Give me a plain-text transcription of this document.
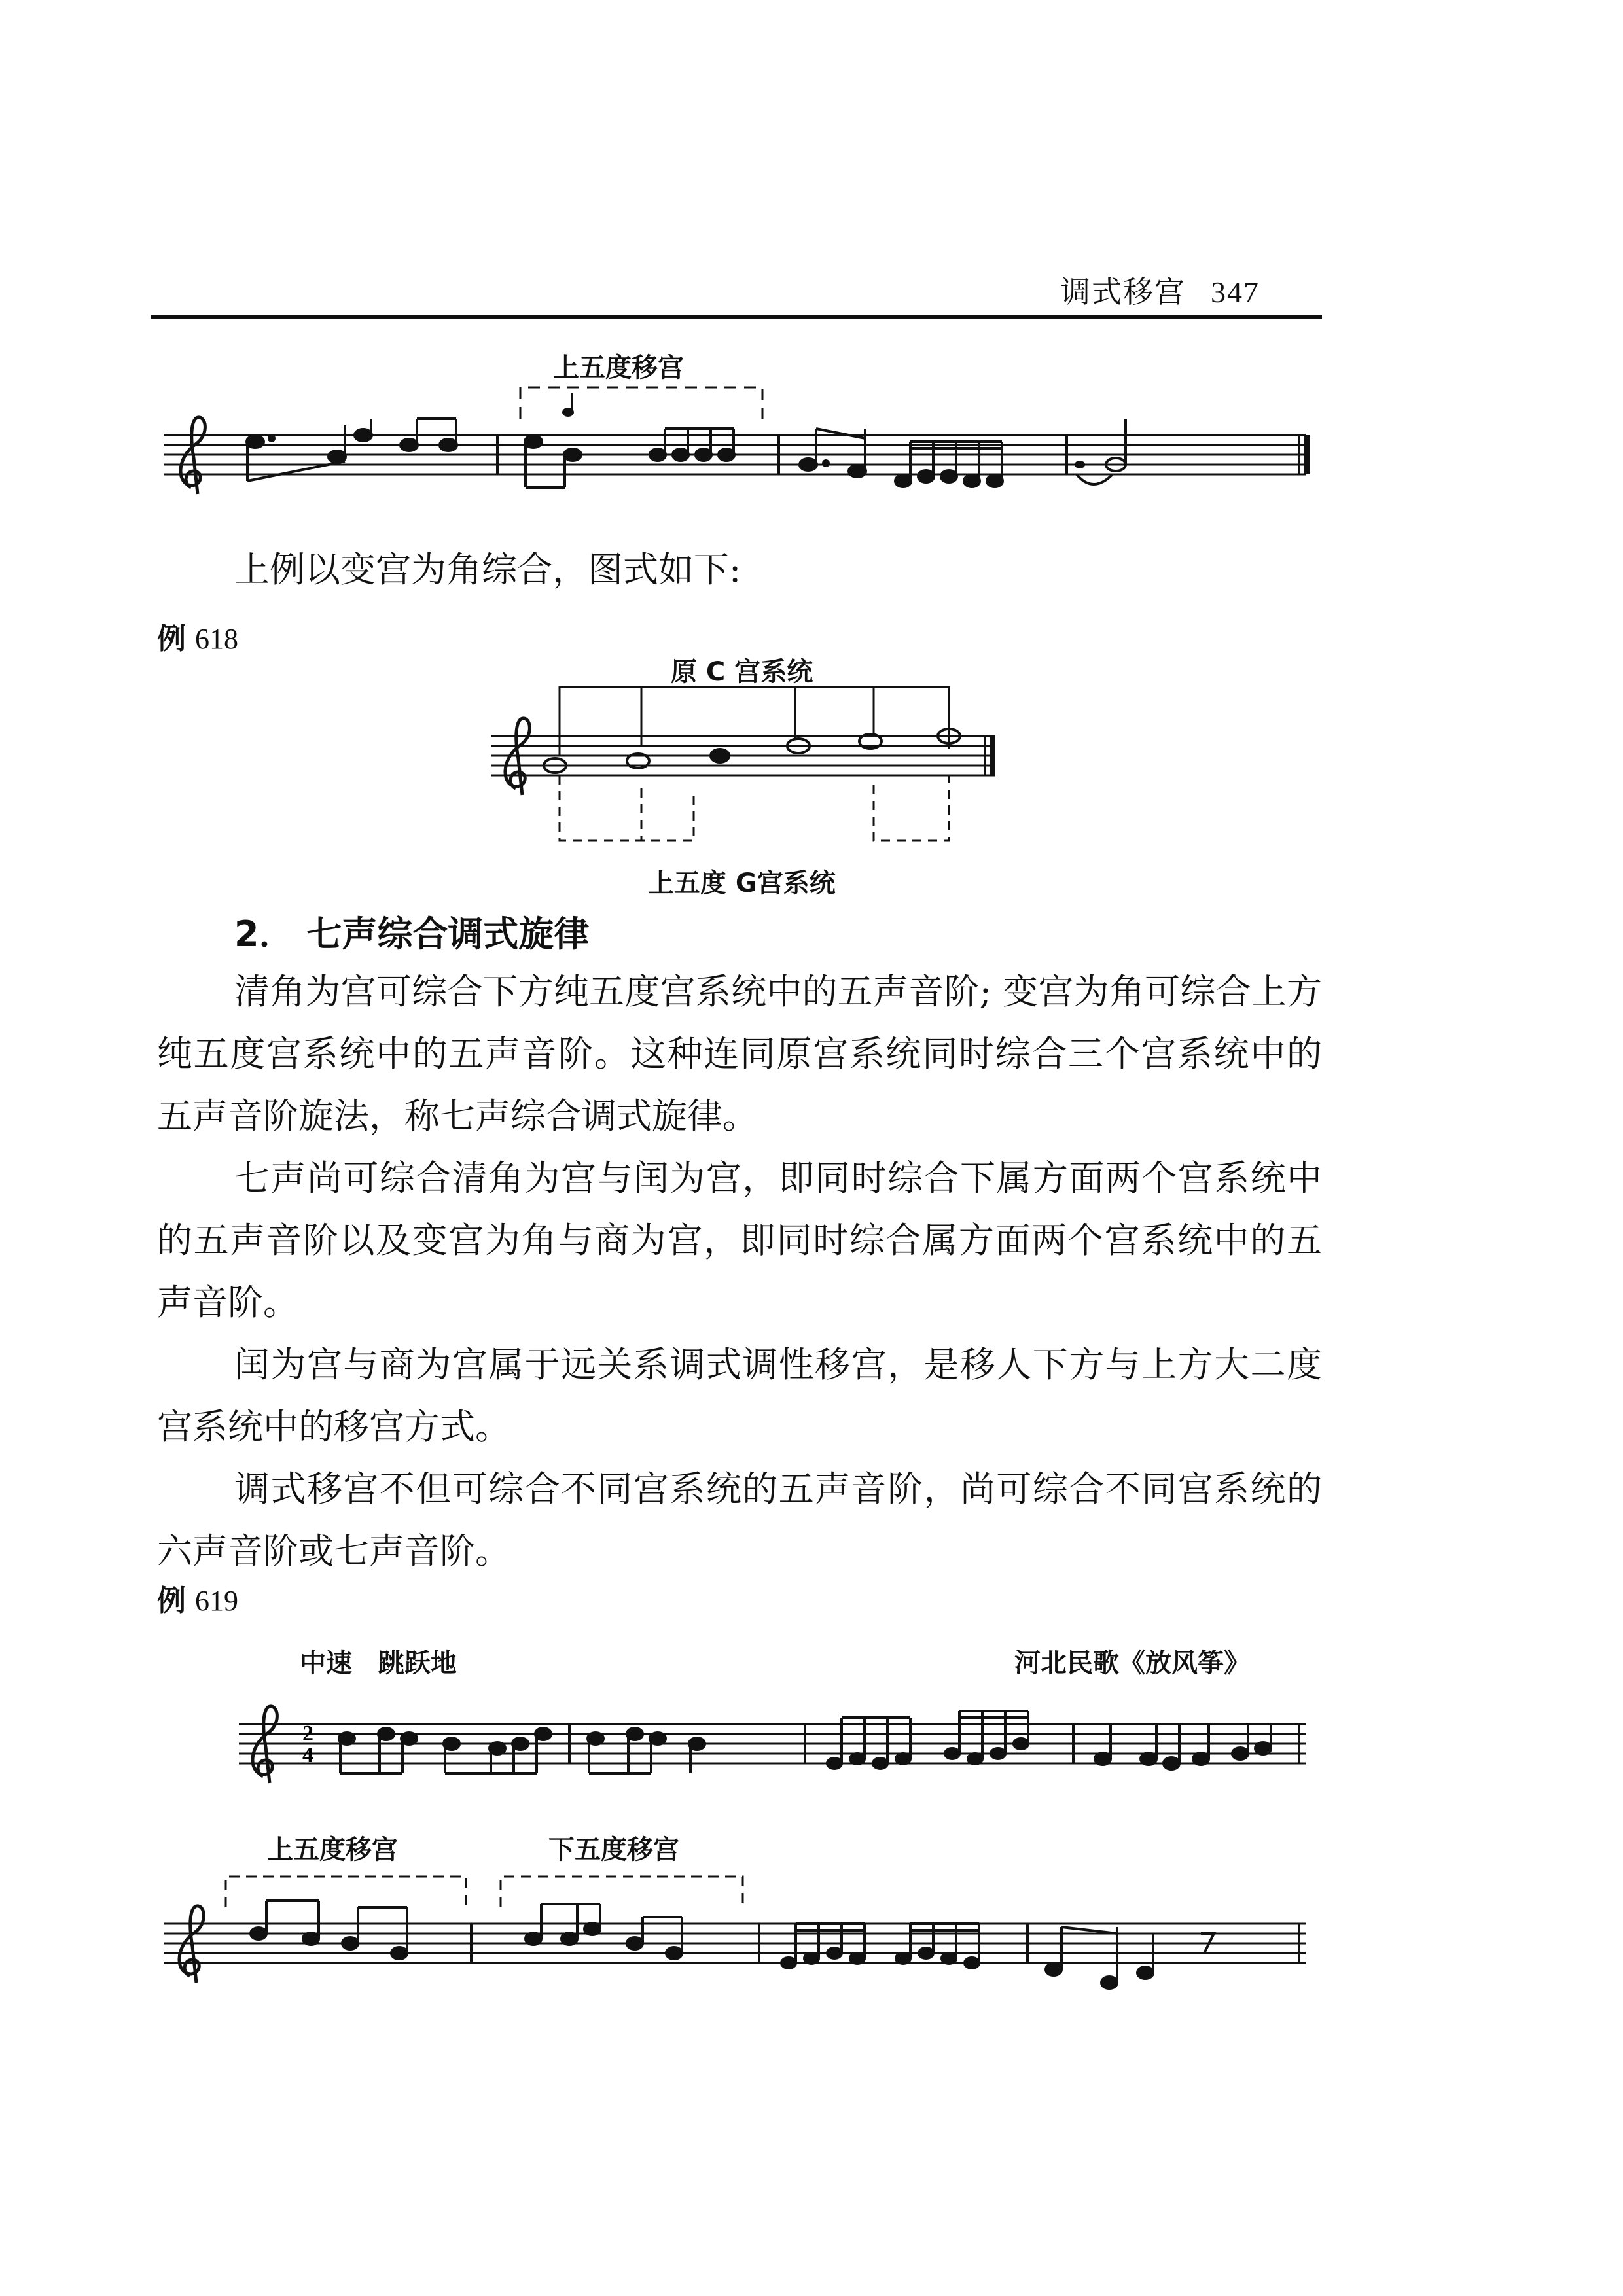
调式移宫 347
上五度移宫
上例以变宫为角综合，图式如下:
例 618
原 C 宫系统
上五度 G宫系统
2． 七声综合调式旋律

清角为宫可综合下方纯五度宫系统中的五声音阶; 变宫为角可综合上方纯五度宫系统中的五声音阶。这种连同原宫系统同时综合三个宫系统中的五声音阶旋法，称七声综合调式旋律。

七声尚可综合清角为宫与闰为宫，即同时综合下属方面两个宫系统中的五声音阶以及变宫为角与商为宫，即同时综合属方面两个宫系统中的五声音阶。

闰为宫与商为宫属于远关系调式调性移宫，是移人下方与上方大二度宫系统中的移宫方式。

调式移宫不但可综合不同宫系统的五声音阶，尚可综合不同宫系统的六声音阶或七声音阶。

例 619
中速　跳跃地	河北民歌《放风筝》
2
4
上五度移宫	下五度移宫
